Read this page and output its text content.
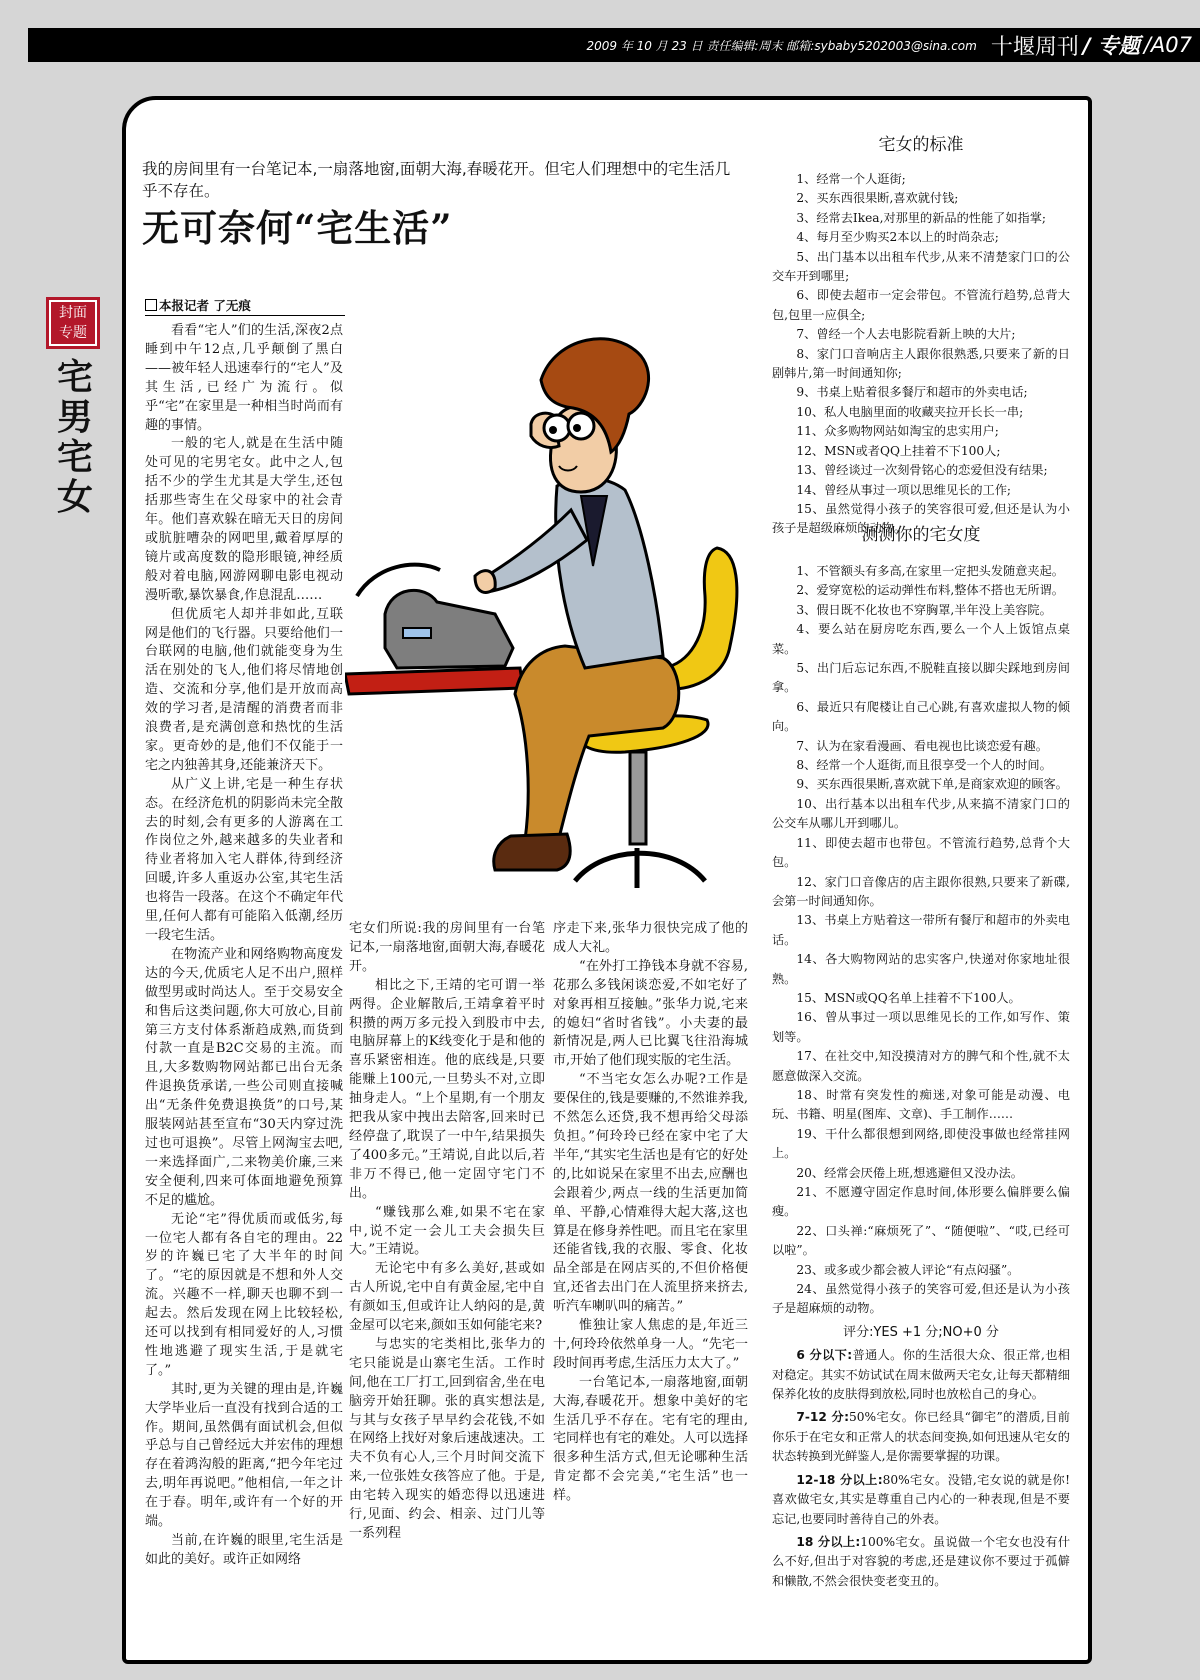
2009 年 10 月 23 日 责任编辑:周末 邮箱:sybaby5202003@sina.com 十堰周刊 / 专题 /A07
封面
专题
宅
男
宅
女
我的房间里有一台笔记本,一扇落地窗,面朝大海,春暖花开。但宅人们理想中的宅生活几乎不存在。
无可奈何“宅生活”
本报记者 了无痕

看看“宅人”们的生活,深夜2点睡到中午12点,几乎颠倒了黑白——被年轻人迅速奉行的“宅人”及其生活,已经广为流行。似乎“宅”在家里是一种相当时尚而有趣的事情。

一般的宅人,就是在生活中随处可见的宅男宅女。此中之人,包括不少的学生尤其是大学生,还包括那些寄生在父母家中的社会青年。他们喜欢躲在暗无天日的房间或肮脏嘈杂的网吧里,戴着厚厚的镜片或高度数的隐形眼镜,神经质般对着电脑,网游网聊电影电视动漫听歌,暴饮暴食,作息混乱……

但优质宅人却并非如此,互联网是他们的飞行器。只要给他们一台联网的电脑,他们就能变身为生活在别处的飞人,他们将尽情地创造、交流和分享,他们是开放而高效的学习者,是清醒的消费者而非浪费者,是充满创意和热忱的生活家。更奇妙的是,他们不仅能于一宅之内独善其身,还能兼济天下。

从广义上讲,宅是一种生存状态。在经济危机的阴影尚未完全散去的时刻,会有更多的人游离在工作岗位之外,越来越多的失业者和待业者将加入宅人群体,待到经济回暖,许多人重返办公室,其宅生活也将告一段落。在这个不确定年代里,任何人都有可能陷入低潮,经历一段宅生活。

在物流产业和网络购物高度发达的今天,优质宅人足不出户,照样做型男或时尚达人。至于交易安全和售后这类问题,你大可放心,目前第三方支付体系渐趋成熟,而货到付款一直是B2C交易的主流。而且,大多数购物网站都已出台无条件退换货承诺,一些公司则直接喊出“无条件免费退换货”的口号,某服装网站甚至宣布“30天内穿过洗过也可退换”。尽管上网淘宝去吧,一来选择面广,二来物美价廉,三来安全便利,四来可体面地避免预算不足的尴尬。

无论“宅”得优质而或低劣,每一位宅人都有各自宅的理由。22岁的许巍已宅了大半年的时间了。“宅的原因就是不想和外人交流。兴趣不一样,聊天也聊不到一起去。然后发现在网上比较轻松,还可以找到有相同爱好的人,习惯性地逃避了现实生活,于是就宅了。”

其时,更为关键的理由是,许巍大学毕业后一直没有找到合适的工作。期间,虽然偶有面试机会,但似乎总与自己曾经远大并宏伟的理想存在着鸿沟般的距离,“把今年宅过去,明年再说吧。”他相信,一年之计在于春。明年,或许有一个好的开端。

当前,在许巍的眼里,宅生活是如此的美好。或许正如网络

宅女们所说:我的房间里有一台笔记本,一扇落地窗,面朝大海,春暖花开。

相比之下,王靖的宅可谓一举两得。企业解散后,王靖拿着平时积攒的两万多元投入到股市中去,电脑屏幕上的K线变化于是和他的喜乐紧密相连。他的底线是,只要能赚上100元,一旦势头不对,立即抽身走人。“上个星期,有一个朋友把我从家中拽出去陪客,回来时已经停盘了,耽误了一中午,结果损失了400多元。”王靖说,自此以后,若非万不得已,他一定固守宅门不出。

“赚钱那么难,如果不宅在家中,说不定一会儿工夫会损失巨大。”王靖说。

无论宅中有多么美好,甚或如古人所说,宅中自有黄金屋,宅中自有颜如玉,但或许让人纳闷的是,黄金屋可以宅来,颜如玉如何能宅来?

与忠实的宅类相比,张华力的宅只能说是山寨宅生活。工作时间,他在工厂打工,回到宿舍,坐在电脑旁开始狂聊。张的真实想法是,与其与女孩子早早约会花钱,不如在网络上找好对象后速战速决。工夫不负有心人,三个月时间交流下来,一位张姓女孩答应了他。于是,由宅转入现实的婚恋得以迅速进行,见面、约会、相亲、过门儿等一系列程

序走下来,张华力很快完成了他的成人大礼。

“在外打工挣钱本身就不容易,花那么多钱闲谈恋爱,不如宅好了对象再相互接触。”张华力说,宅来的媳妇“省时省钱”。小夫妻的最新情况是,两人已比翼飞往沿海城市,开始了他们现实版的宅生活。

“不当宅女怎么办呢?工作是要保住的,钱是要赚的,不然谁养我,不然怎么还贷,我不想再给父母添负担。”何玲玲已经在家中宅了大半年,“其实宅生活也是有它的好处的,比如说呆在家里不出去,应酬也会跟着少,两点一线的生活更加简单、平静,心情难得大起大落,这也算是在修身养性吧。而且宅在家里还能省钱,我的衣服、零食、化妆品全部是在网店买的,不但价格便宜,还省去出门在人流里挤来挤去,听汽车喇叭叫的痛苦。”

惟独让家人焦虑的是,年近三十,何玲玲依然单身一人。“先宅一段时间再考虑,生活压力太大了。”

一台笔记本,一扇落地窗,面朝大海,春暖花开。想象中美好的宅生活几乎不存在。宅有宅的理由,宅同样也有宅的难处。人可以选择很多种生活方式,但无论哪种生活肯定都不会完美,“宅生活”也一样。

宅女的标准

1、经常一个人逛街;

2、买东西很果断,喜欢就付钱;

3、经常去Ikea,对那里的新品的性能了如指掌;

4、每月至少购买2本以上的时尚杂志;

5、出门基本以出租车代步,从来不清楚家门口的公交车开到哪里;

6、即使去超市一定会带包。不管流行趋势,总背大包,包里一应俱全;

7、曾经一个人去电影院看新上映的大片;

8、家门口音响店主人跟你很熟悉,只要来了新的日剧韩片,第一时间通知你;

9、书桌上贴着很多餐厅和超市的外卖电话;

10、私人电脑里面的收藏夹拉开长长一串;

11、众多购物网站如淘宝的忠实用户;

12、MSN或者QQ上挂着不下100人;

13、曾经谈过一次刻骨铭心的恋爱但没有结果;

14、曾经从事过一项以思维见长的工作;

15、虽然觉得小孩子的笑容很可爱,但还是认为小孩子是超级麻烦的动物。

测测你的宅女度

1、不管额头有多高,在家里一定把头发随意夹起。

2、爱穿宽松的运动弹性布料,整体不搭也无所谓。

3、假日既不化妆也不穿胸罩,半年没上美容院。

4、要么站在厨房吃东西,要么一个人上饭馆点桌菜。

5、出门后忘记东西,不脱鞋直接以脚尖踩地到房间拿。

6、最近只有爬楼让自己心跳,有喜欢虚拟人物的倾向。

7、认为在家看漫画、看电视也比谈恋爱有趣。

8、经常一个人逛街,而且很享受一个人的时间。

9、买东西很果断,喜欢就下单,是商家欢迎的顾客。

10、出行基本以出租车代步,从来搞不清家门口的公交车从哪儿开到哪儿。

11、即使去超市也带包。不管流行趋势,总背个大包。

12、家门口音像店的店主跟你很熟,只要来了新碟,会第一时间通知你。

13、书桌上方贴着这一带所有餐厅和超市的外卖电话。

14、各大购物网站的忠实客户,快递对你家地址很熟。

15、MSN或QQ名单上挂着不下100人。

16、曾从事过一项以思维见长的工作,如写作、策划等。

17、在社交中,知没摸清对方的脾气和个性,就不太愿意做深入交流。

18、时常有突发性的痴迷,对象可能是动漫、电玩、书籍、明星(图库、文章)、手工制作……

19、干什么都很想到网络,即使没事做也经常挂网上。

20、经常会厌倦上班,想逃避但又没办法。

21、不愿遵守固定作息时间,体形要么偏胖要么偏瘦。

22、口头禅:“麻烦死了”、“随便啦”、“哎,已经可以啦”。

23、或多或少都会被人评论“有点闷骚”。

24、虽然觉得小孩子的笑容可爱,但还是认为小孩子是超麻烦的动物。

评分:YES +1 分;NO+0 分

6 分以下:普通人。你的生活很大众、很正常,也相对稳定。其实不妨试试在周末做两天宅女,让每天都精细保养化妆的皮肤得到放松,同时也放松自己的身心。

7-12 分:50%宅女。你已经具“御宅”的潜质,目前你乐于在宅女和正常人的状态间变换,如何迅速从宅女的状态转换到光鲜鉴人,是你需要掌握的功课。

12-18 分以上:80%宅女。没错,宅女说的就是你!喜欢做宅女,其实是尊重自己内心的一种表现,但是不要忘记,也要同时善待自己的外表。

18 分以上:100%宅女。虽说做一个宅女也没有什么不好,但出于对容貌的考虑,还是建议你不要过于孤僻和懒散,不然会很快变老变丑的。
